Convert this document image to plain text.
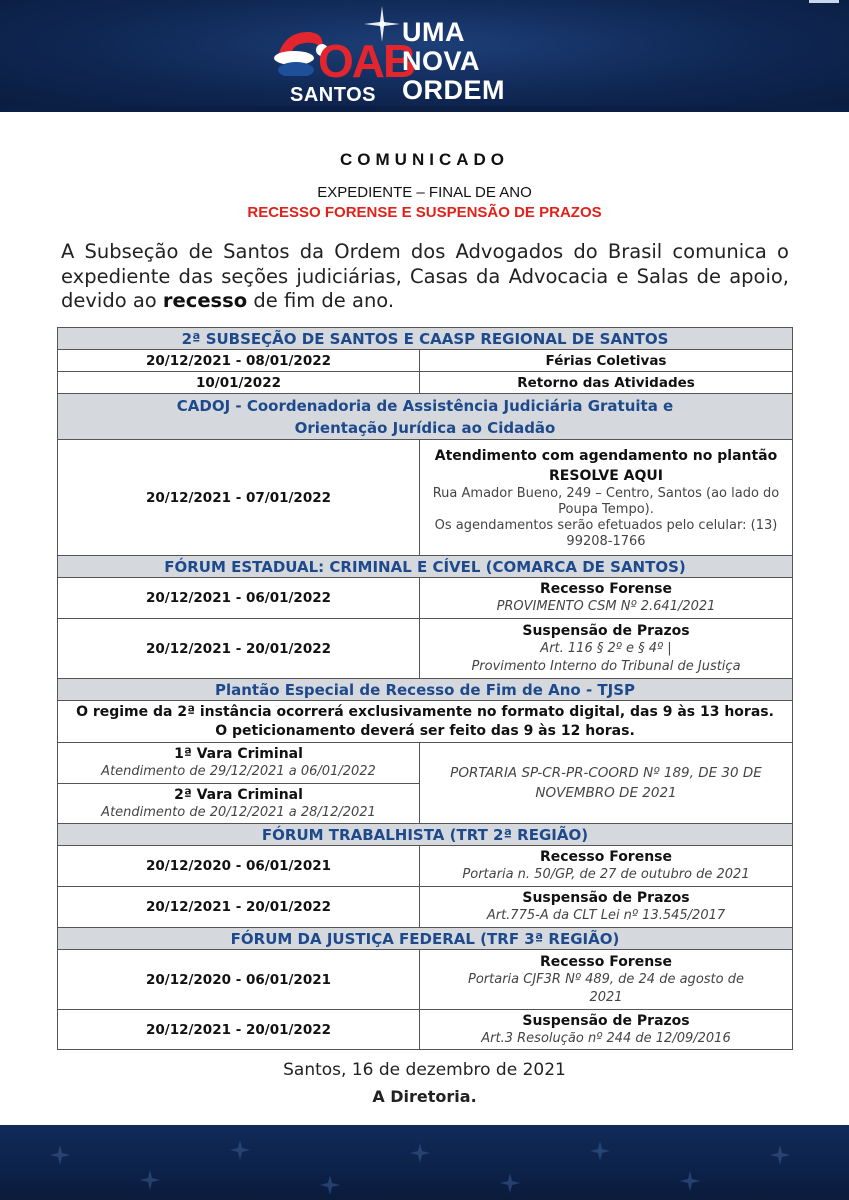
OAB
SANTOS
UMA
NOVA
ORDEM
COMUNICADO
EXPEDIENTE – FINAL DE ANO
RECESSO FORENSE E SUSPENSÃO DE PRAZOS

A Subseção de Santos da Ordem dos Advogados do Brasil comunica o expediente das seções judiciárias, Casas da Advocacia e Salas de apoio, devido ao recesso de fim de ano.

2ª SUBSEÇÃO DE SANTOS E CAASP REGIONAL DE SANTOS	
20/12/2021 - 08/01/2022	Férias Coletivas
10/01/2022	Retorno das Atividades

CADOJ - Coordenadoria de Assistência Judiciária Gratuita e
Orientação Jurídica ao Cidadão	

20/12/2021 - 07/01/2022	Atendimento com agendamento no plantão RESOLVE AQUI
Rua Amador Bueno, 249 – Centro, Santos (ao lado do Poupa Tempo).
Os agendamentos serão efetuados pelo celular: (13) 99208-1766

FÓRUM ESTADUAL: CRIMINAL E CÍVEL (COMARCA DE SANTOS)	
20/12/2021 - 06/01/2022	Recesso Forense
PROVIMENTO CSM Nº 2.641/2021

20/12/2021 - 20/01/2022	Suspensão de Prazos
Art. 116 § 2º e § 4º |
Provimento Interno do Tribunal de Justiça

Plantão Especial de Recesso de Fim de Ano - TJSP	
O regime da 2ª instância ocorrerá exclusivamente no formato digital, das 9 às 13 horas. O peticionamento deverá ser feito das 9 às 12 horas.	

1ª Vara Criminal
Atendimento de 29/12/2021 a 06/01/2022	PORTARIA SP-CR-PR-COORD Nº 189, DE 30 DE NOVEMBRO DE 2021

2ª Vara Criminal
Atendimento de 20/12/2021 a 28/12/2021	

FÓRUM TRABALHISTA (TRT 2ª REGIÃO)	
20/12/2020 - 06/01/2021	Recesso Forense
Portaria n. 50/GP, de 27 de outubro de 2021

20/12/2021 - 20/01/2022	Suspensão de Prazos
Art.775-A da CLT Lei nº 13.545/2017

FÓRUM DA JUSTIÇA FEDERAL (TRF 3ª REGIÃO)	
20/12/2020 - 06/01/2021	Recesso Forense
Portaria CJF3R Nº 489, de 24 de agosto de 2021

20/12/2021 - 20/01/2022	Suspensão de Prazos
Art.3 Resolução nº 244 de 12/09/2016
Santos, 16 de dezembro de 2021
A Diretoria.
